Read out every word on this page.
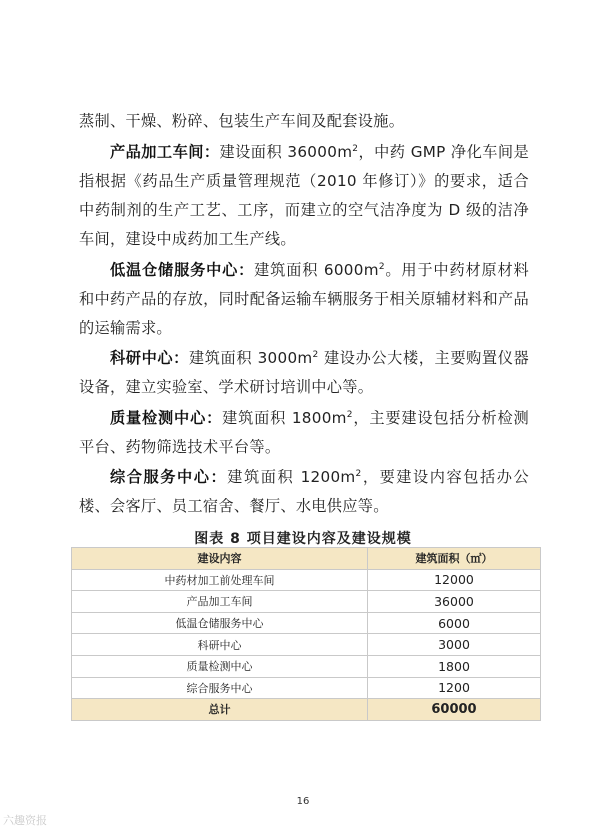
蒸制、干燥、粉碎、包装生产车间及配套设施。
产品加工车间：建设面积 $36000m^2$，中药 GMP 净化车间是指根据《药品生产质量管理规范（2010 年修订）》的要求，适合中药制剂的生产工艺、工序，而建立的空气洁净度为 D 级的洁净车间，建设中成药加工生产线。
低温仓储服务中心：建筑面积 $6000m^2$。用于中药材原材料和中药产品的存放，同时配备运输车辆服务于相关原辅材料和产品的运输需求。
科研中心：建筑面积 $3000m^2$ 建设办公大楼，主要购置仪器设备，建立实验室、学术研讨培训中心等。
质量检测中心：建筑面积 $1800m^2$，主要建设包括分析检测平台、药物筛选技术平台等。
综合服务中心：建筑面积 $1200m^2$，要建设内容包括办公楼、会客厅、员工宿舍、餐厅、水电供应等。
图表 8 项目建设内容及建设规模
建设内容	建筑面积（㎡）
中药材加工前处理车间	12000
产品加工车间	36000
低温仓储服务中心	6000
科研中心	3000
质量检测中心	1800
综合服务中心	1200
总计	60000
16
六趣资报
